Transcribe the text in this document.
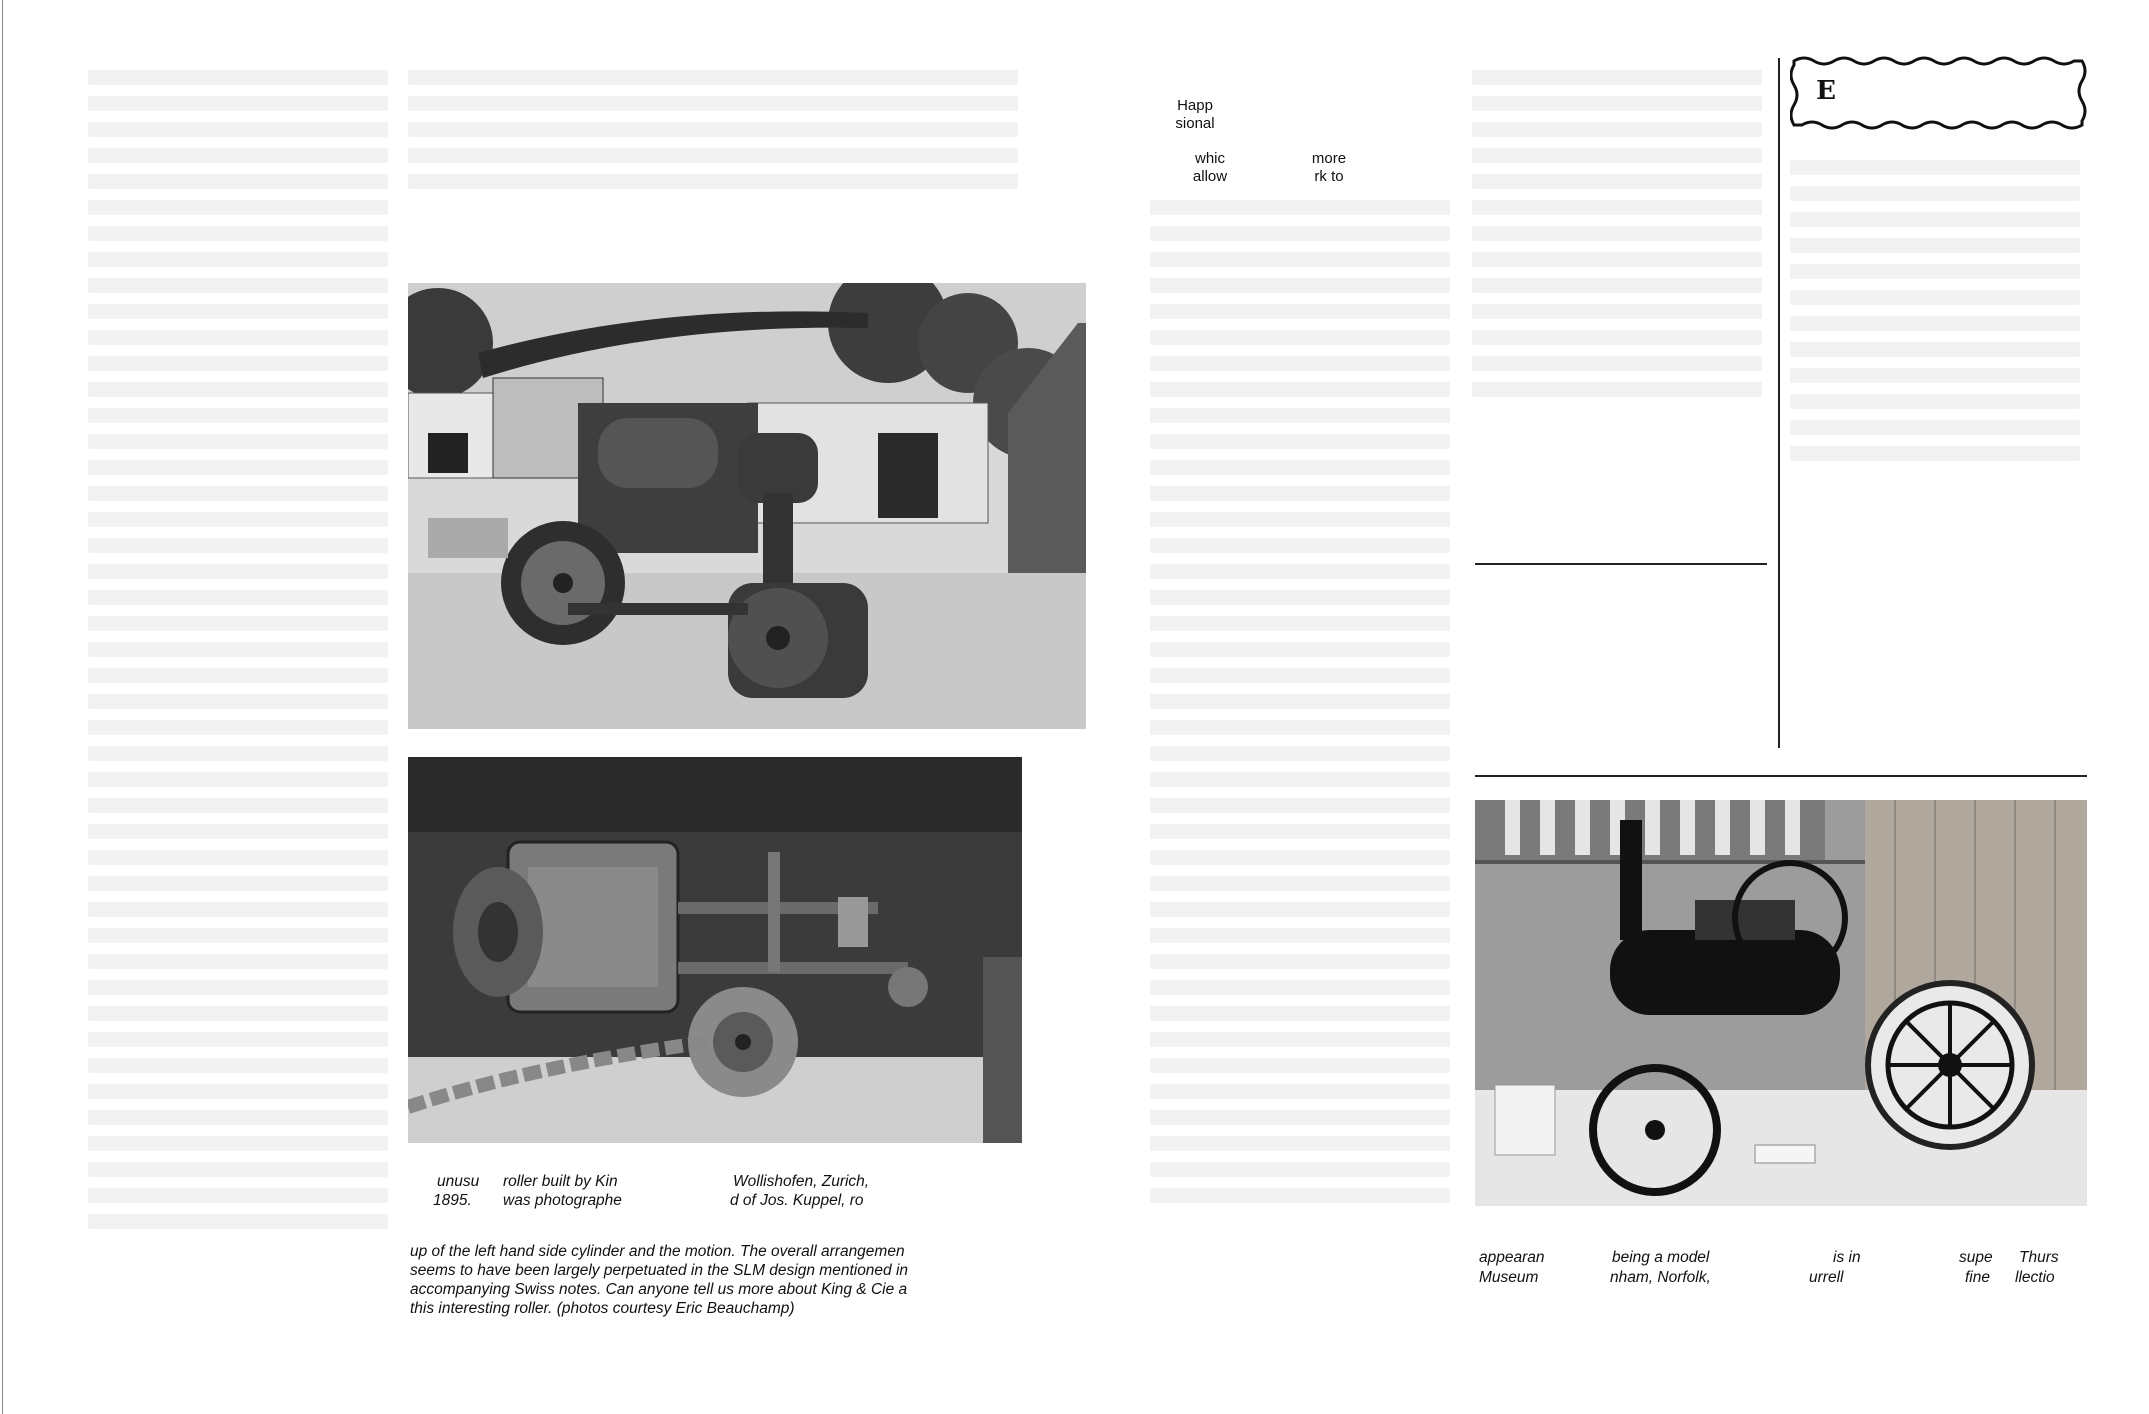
Happ
sional
whic
allow
more
rk to
E
unusu roller built by Kin	Wollishofen, Zurich,
1895. was photographe	d of Jos. Kuppel, ro
up of the left hand side cylinder and the motion. The overall arrangemen
seems to have been largely perpetuated in the SLM design mentioned in
accompanying Swiss notes. Can anyone tell us more about King & Cie a
this interesting roller. (photos courtesy Eric Beauchamp)
appearan	being a model	is in	supe Thurs
Museum	nham, Norfolk,	urrell	fine llectio
